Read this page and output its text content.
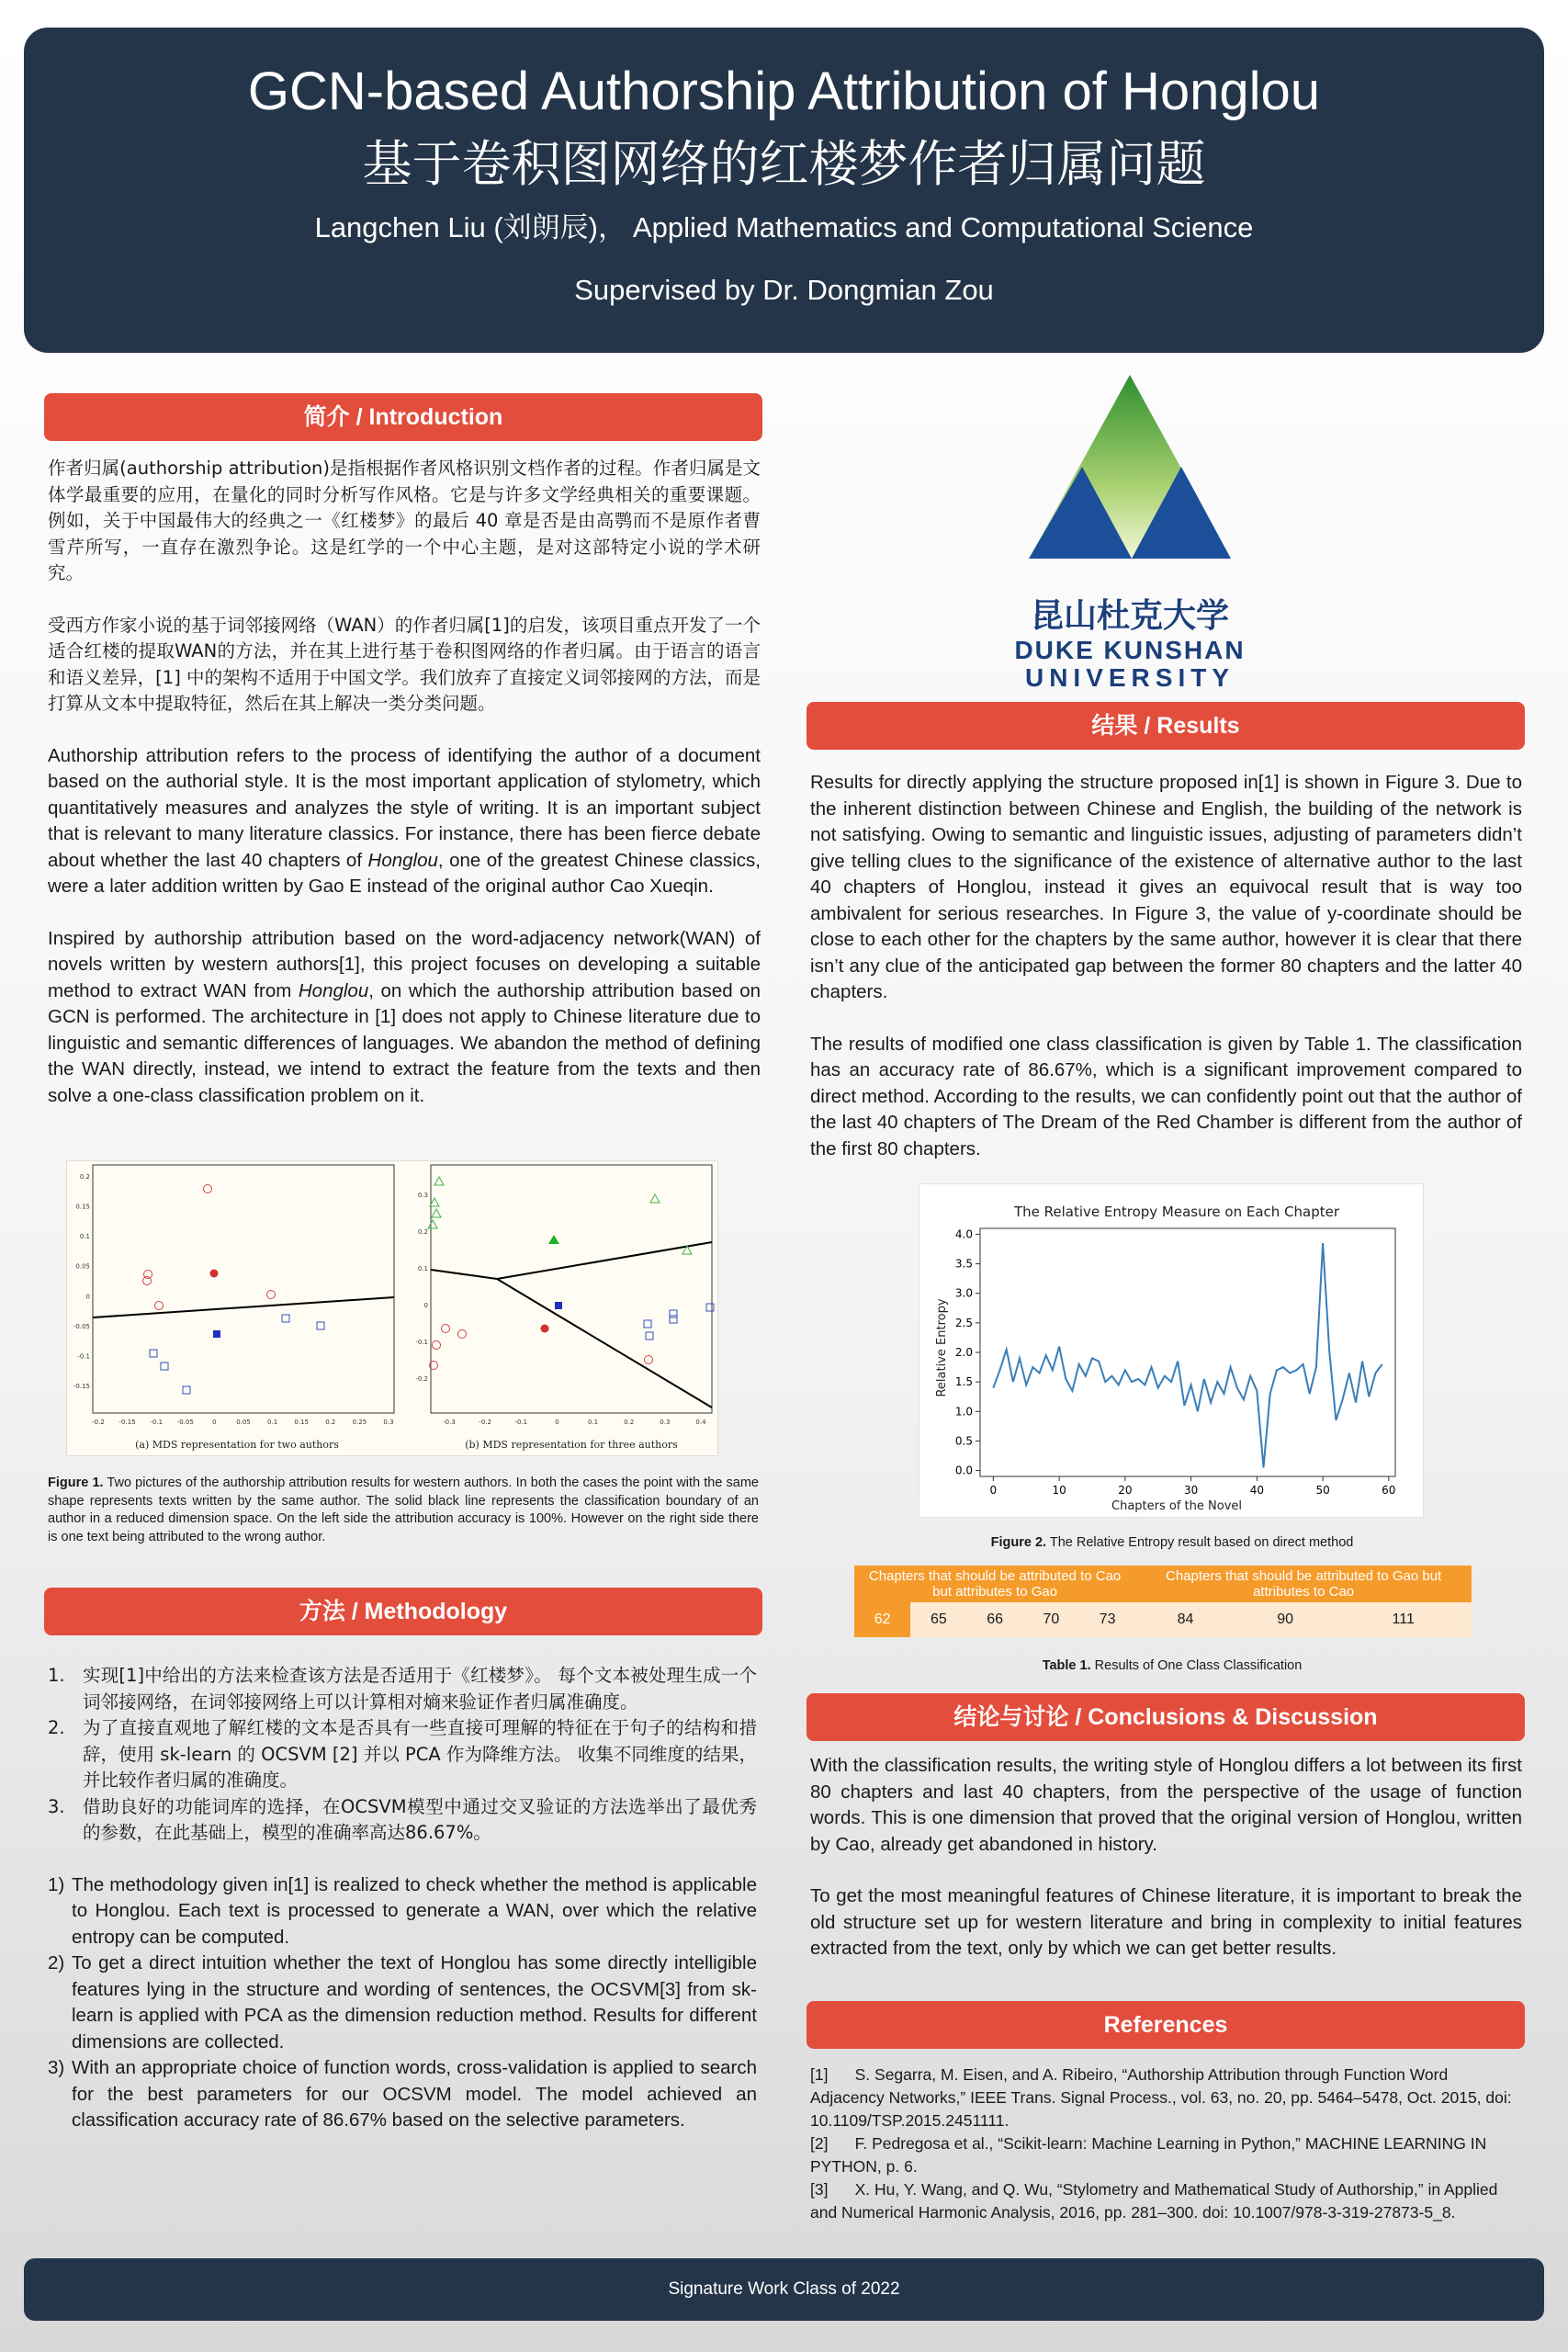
GCN-based Authorship Attribution of Honglou
基于卷积图网络的红楼梦作者归属问题
Langchen Liu (刘朗辰)， Applied Mathematics and Computational Science
Supervised by Dr. Dongmian Zou
简介 / Introduction

作者归属(authorship attribution)是指根据作者风格识别文档作者的过程。作者归属是文体学最重要的应用，在量化的同时分析写作风格。它是与许多文学经典相关的重要课题。例如，关于中国最伟大的经典之一《红楼梦》的最后 40 章是否是由高鹗而不是原作者曹雪芹所写，一直存在激烈争论。这是红学的一个中心主题，是对这部特定小说的学术研究。

受西方作家小说的基于词邻接网络（WAN）的作者归属[1]的启发，该项目重点开发了一个适合红楼的提取WAN的方法，并在其上进行基于卷积图网络的作者归属。由于语言的语言和语义差异，[1] 中的架构不适用于中国文学。我们放弃了直接定义词邻接网的方法，而是打算从文本中提取特征，然后在其上解决一类分类问题。

Authorship attribution refers to the process of identifying the author of a document based on the authorial style. It is the most important application of stylometry, which quantitatively measures and analyzes the style of writing. It is an important subject that is relevant to many literature classics. For instance, there has been fierce debate about whether the last 40 chapters of Honglou, one of the greatest Chinese classics, were a later addition written by Gao E instead of the original author Cao Xueqin.

Inspired by authorship attribution based on the word-adjacency network(WAN) of novels written by western authors[1], this project focuses on developing a suitable method to extract WAN from Honglou, on which the authorship attribution based on GCN is performed. The architecture in [1] does not apply to Chinese literature due to linguistic and semantic differences of languages. We abandon the method of defining the WAN directly, instead, we intend to extract the feature from the texts and then solve a one-class classification problem on it.

0.2
0.15
0.1
0.05
0
-0.05
-0.1
-0.15
-0.2 -0.15 -0.1 -0.05	0	0.05	0.1	0.15	0.2	0.25	0.3
(a) MDS representation for two authors
0.3
0.2
0.1
0
-0.1
-0.2
-0.3	-0.2	-0.1	0	0.1	0.2	0.3	0.4
(b) MDS representation for three authors
Figure 1. Two pictures of the authorship attribution results for western authors. In both the cases the point with the same shape represents texts written by the same author. The solid black line represents the classification boundary of an author in a reduced dimension space. On the left side the attribution accuracy is 100%. However on the right side there is one text being attributed to the wrong author.
方法 / Methodology
1. 实现[1]中给出的方法来检查该方法是否适用于《红楼梦》。 每个文本被处理生成一个词邻接网络，在词邻接网络上可以计算相对熵来验证作者归属准确度。
2. 为了直接直观地了解红楼的文本是否具有一些直接可理解的特征在于句子的结构和措辞，使用 sk-learn 的 OCSVM [2] 并以 PCA 作为降维方法。 收集不同维度的结果，并比较作者归属的准确度。
3. 借助良好的功能词库的选择，在OCSVM模型中通过交叉验证的方法选举出了最优秀的参数，在此基础上，模型的准确率高达86.67%。
1) The methodology given in[1] is realized to check whether the method is applicable to Honglou. Each text is processed to generate a WAN, over which the relative entropy can be computed.
2) To get a direct intuition whether the text of Honglou has some directly intelligible features lying in the structure and wording of sentences, the OCSVM[3] from sk-learn is applied with PCA as the dimension reduction method. Results for different dimensions are collected.
3) With an appropriate choice of function words, cross-validation is applied to search for the best parameters for our OCSVM model. The model achieved an classification accuracy rate of 86.67% based on the selective parameters.
昆山杜克大学
DUKE KUNSHAN
UNIVERSITY
结果 / Results

Results for directly applying the structure proposed in[1] is shown in Figure 3. Due to the inherent distinction between Chinese and English, the building of the network is not satisfying. Owing to semantic and linguistic issues, adjusting of parameters didn’t give telling clues to the significance of the existence of alternative author to the last 40 chapters of Honglou, instead it gives an equivocal result that is way too ambivalent for serious researches. In Figure 3, the value of y-coordinate should be close to each other for the chapters by the same author, however it is clear that there isn’t any clue of the anticipated gap between the former 80 chapters and the latter 40 chapters.

The results of modified one class classification is given by Table 1. The classification has an accuracy rate of 86.67%, which is a significant improvement compared to direct method. According to the results, we can confidently point out that the author of the last 40 chapters of The Dream of the Red Chamber is different from the author of the first 80 chapters.

The Relative Entropy Measure on Each Chapter
Chapters of the Novel
Relative Entropy
0.0
0.5
1.0
1.5
2.0
2.5
3.0
3.5
4.0
0	10	20	30	40	50	60
Figure 2. The Relative Entropy result based on direct method
Chapters that should be attributed to Cao but attributes to Gao					Chapters that should be attributed to Gao but attributes to Cao		
62	65	66	70	73	84	90	111
Table 1. Results of One Class Classification
结论与讨论 / Conclusions & Discussion

With the classification results, the writing style of Honglou differs a lot between its first 80 chapters and last 40 chapters, from the perspective of the usage of function words. This is one dimension that proved that the original version of Honglou, written by Cao, already get abandoned in history.

To get the most meaningful features of Chinese literature, it is important to break the old structure set up for western literature and bring in complexity to initial features extracted from the text, only by which we can get better results.

References
[1]      S. Segarra, M. Eisen, and A. Ribeiro, “Authorship Attribution through Function Word Adjacency Networks,” IEEE Trans. Signal Process., vol. 63, no. 20, pp. 5464–5478, Oct. 2015, doi: 10.1109/TSP.2015.2451111.
[2]      F. Pedregosa et al., “Scikit-learn: Machine Learning in Python,” MACHINE LEARNING IN PYTHON, p. 6.
[3]      X. Hu, Y. Wang, and Q. Wu, “Stylometry and Mathematical Study of Authorship,” in Applied and Numerical Harmonic Analysis, 2016, pp. 281–300. doi: 10.1007/978-3-319-27873-5_8.
Signature Work Class of 2022
